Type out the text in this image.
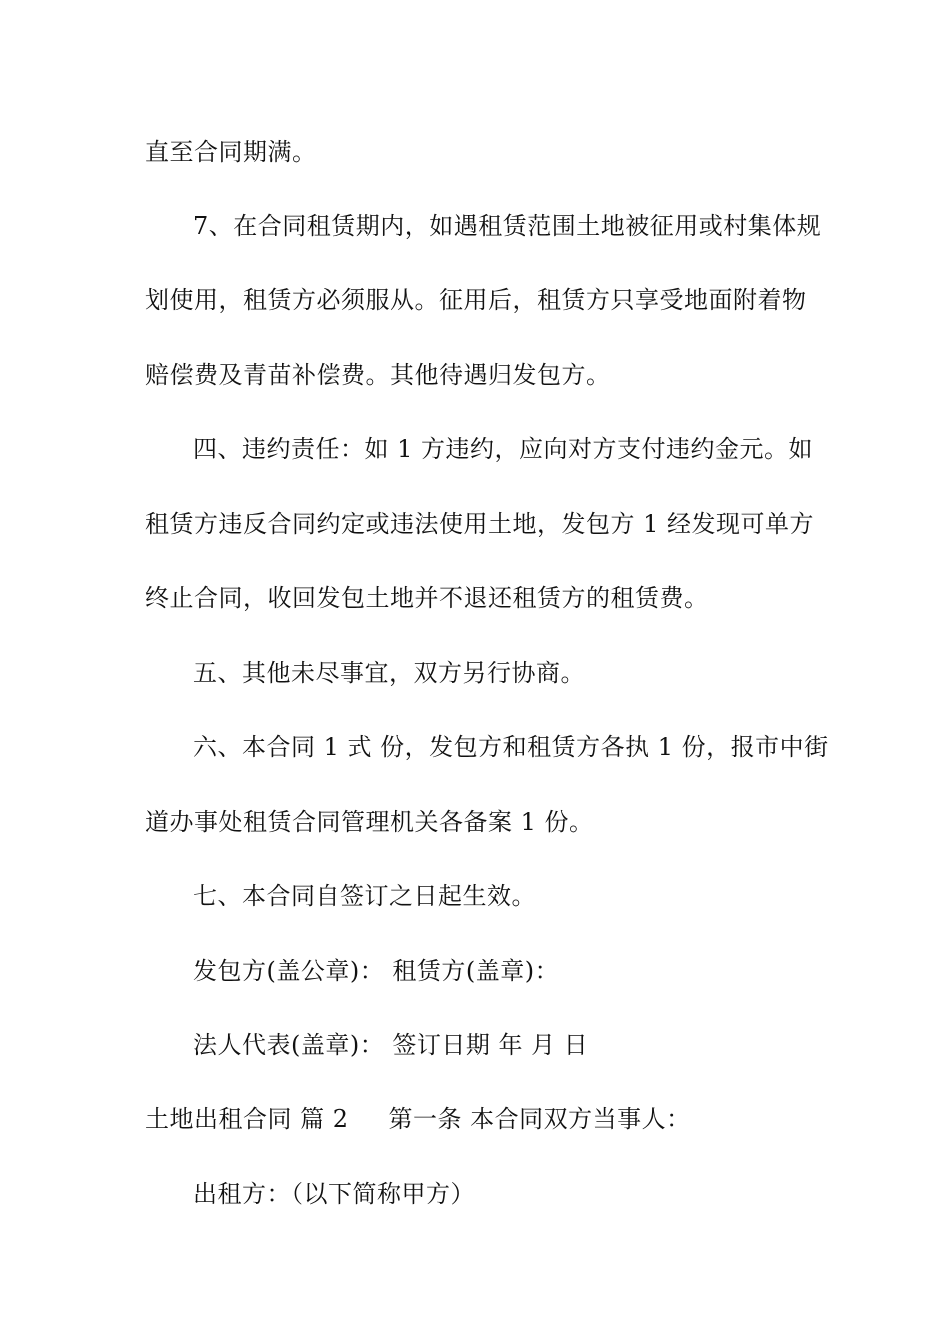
直至合同期满。
7、在合同租赁期内，如遇租赁范围土地被征用或村集体规
划使用，租赁方必须服从。征用后，租赁方只享受地面附着物
赔偿费及青苗补偿费。其他待遇归发包方。
四、违约责任：如 1 方违约，应向对方支付违约金元。如
租赁方违反合同约定或违法使用土地，发包方 1 经发现可单方
终止合同，收回发包土地并不退还租赁方的租赁费。
五、其他未尽事宜，双方另行协商。
六、本合同 1 式 份，发包方和租赁方各执 1 份，报市中街
道办事处租赁合同管理机关各备案 1 份。
七、本合同自签订之日起生效。
发包方(盖公章)： 租赁方(盖章)：
法人代表(盖章)： 签订日期 年 月 日
土地出租合同 篇 2 第一条 本合同双方当事人：
出租方：（以下简称甲方）
